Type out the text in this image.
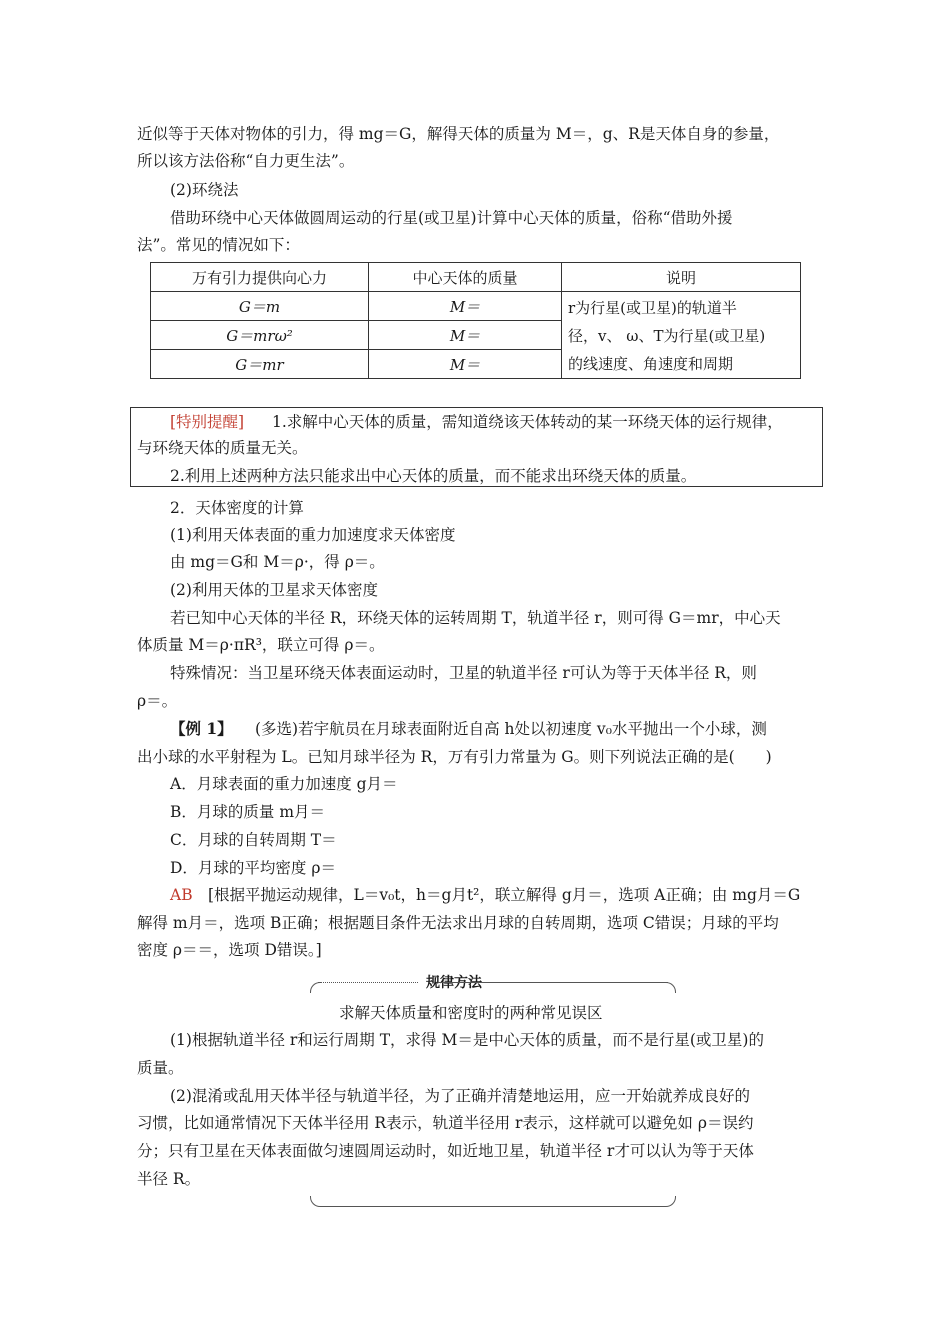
近似等于天体对物体的引力，得 mg＝G，解得天体的质量为 M＝，g、R是天体自身的参量，
所以该方法俗称“自力更生法”。
(2)环绕法
借助环绕中心天体做圆周运动的行星(或卫星)计算中心天体的质量，俗称“借助外援
法”。常见的情况如下：
万有引力提供向心力	中心天体的质量	说明
G＝m	M＝	r为行星(或卫星)的轨道半
径，v、 ω、T为行星(或卫星)
的线速度、角速度和周期

G＝mrω²	M＝	
G＝mr	M＝	
[特别提醒] 1.求解中心天体的质量，需知道绕该天体转动的某一环绕天体的运行规律，
与环绕天体的质量无关。
2.利用上述两种方法只能求出中心天体的质量，而不能求出环绕天体的质量。
2．天体密度的计算
(1)利用天体表面的重力加速度求天体密度
由 mg＝G和 M＝ρ·，得 ρ＝。
(2)利用天体的卫星求天体密度
若已知中心天体的半径 R，环绕天体的运转周期 T，轨道半径 r，则可得 G＝mr，中心天
体质量 M＝ρ·πR³，联立可得 ρ＝。
特殊情况：当卫星环绕天体表面运动时，卫星的轨道半径 r可认为等于天体半径 R，则
ρ＝。
【例 1】 (多选)若宇航员在月球表面附近自高 h处以初速度 v₀水平抛出一个小球，测
出小球的水平射程为 L。已知月球半径为 R，万有引力常量为 G。则下列说法正确的是(　　)
A．月球表面的重力加速度 g月＝
B．月球的质量 m月＝
C．月球的自转周期 T＝
D．月球的平均密度 ρ＝
AB [根据平抛运动规律，L＝v₀t，h＝g月t²，联立解得 g月＝，选项 A正确；由 mg月＝G
解得 m月＝，选项 B正确；根据题目条件无法求出月球的自转周期，选项 C错误；月球的平均
密度 ρ＝＝，选项 D错误。]
规律方法
求解天体质量和密度时的两种常见误区
(1)根据轨道半径 r和运行周期 T，求得 M＝是中心天体的质量，而不是行星(或卫星)的
质量。
(2)混淆或乱用天体半径与轨道半径，为了正确并清楚地运用，应一开始就养成良好的
习惯，比如通常情况下天体半径用 R表示，轨道半径用 r表示，这样就可以避免如 ρ＝误约
分；只有卫星在天体表面做匀速圆周运动时，如近地卫星，轨道半径 r才可以认为等于天体
半径 R。
